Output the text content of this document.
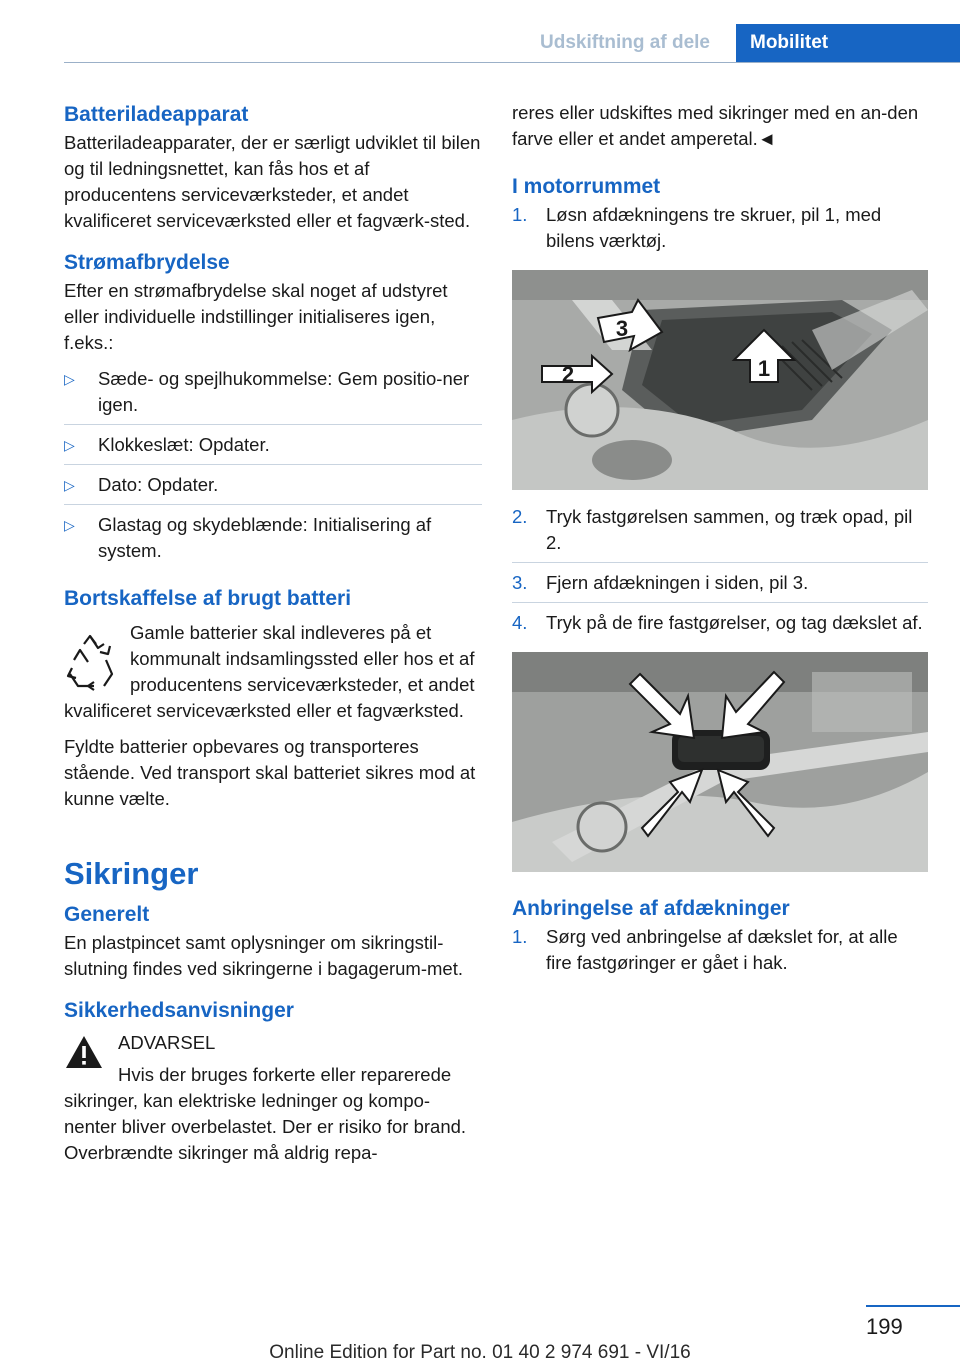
Udskiftning af dele	Mobilitet
Batteriladeapparat

Batteriladeapparater, der er særligt udviklet til bilen og til ledningsnettet, kan fås hos et af producentens serviceværksteder, et andet kvalificeret serviceværksted eller et fagværk-sted.

Strømafbrydelse

Efter en strømafbrydelse skal noget af udstyret eller individuelle indstillinger initialiseres igen, f.eks.:

▷ Sæde- og spejlhukommelse: Gem positio-ner igen.
▷ Klokkeslæt: Opdater.
▷ Dato: Opdater.
▷ Glastag og skydeblænde: Initialisering af system.
Bortskaffelse af brugt batteri

Gamle batterier skal indleveres på et kommunalt indsamlingssted eller hos et af producentens serviceværksteder, et andet kvalificeret serviceværksted eller et fagværksted.

Fyldte batterier opbevares og transporteres stående. Ved transport skal batteriet sikres mod at kunne vælte.

Sikringer
Generelt

En plastpincet samt oplysninger om sikringstil-slutning findes ved sikringerne i bagagerum-met.

Sikkerhedsanvisninger

ADVARSEL

Hvis der bruges forkerte eller reparerede sikringer, kan elektriske ledninger og kompo-nenter bliver overbelastet. Der er risiko for brand. Overbrændte sikringer må aldrig repa-

reres eller udskiftes med sikringer med en an-den farve eller et andet amperetal.◄

I motorrummet
1. Løsn afdækningens tre skruer, pil 1, med bilens værktøj.
1
2
3
2. Tryk fastgørelsen sammen, og træk opad, pil 2.
3. Fjern afdækningen i siden, pil 3.
4. Tryk på de fire fastgørelser, og tag dækslet af.
Anbringelse af afdækninger
1. Sørg ved anbringelse af dækslet for, at alle fire fastgøringer er gået i hak.
199
Online Edition for Part no. 01 40 2 974 691 - VI/16
